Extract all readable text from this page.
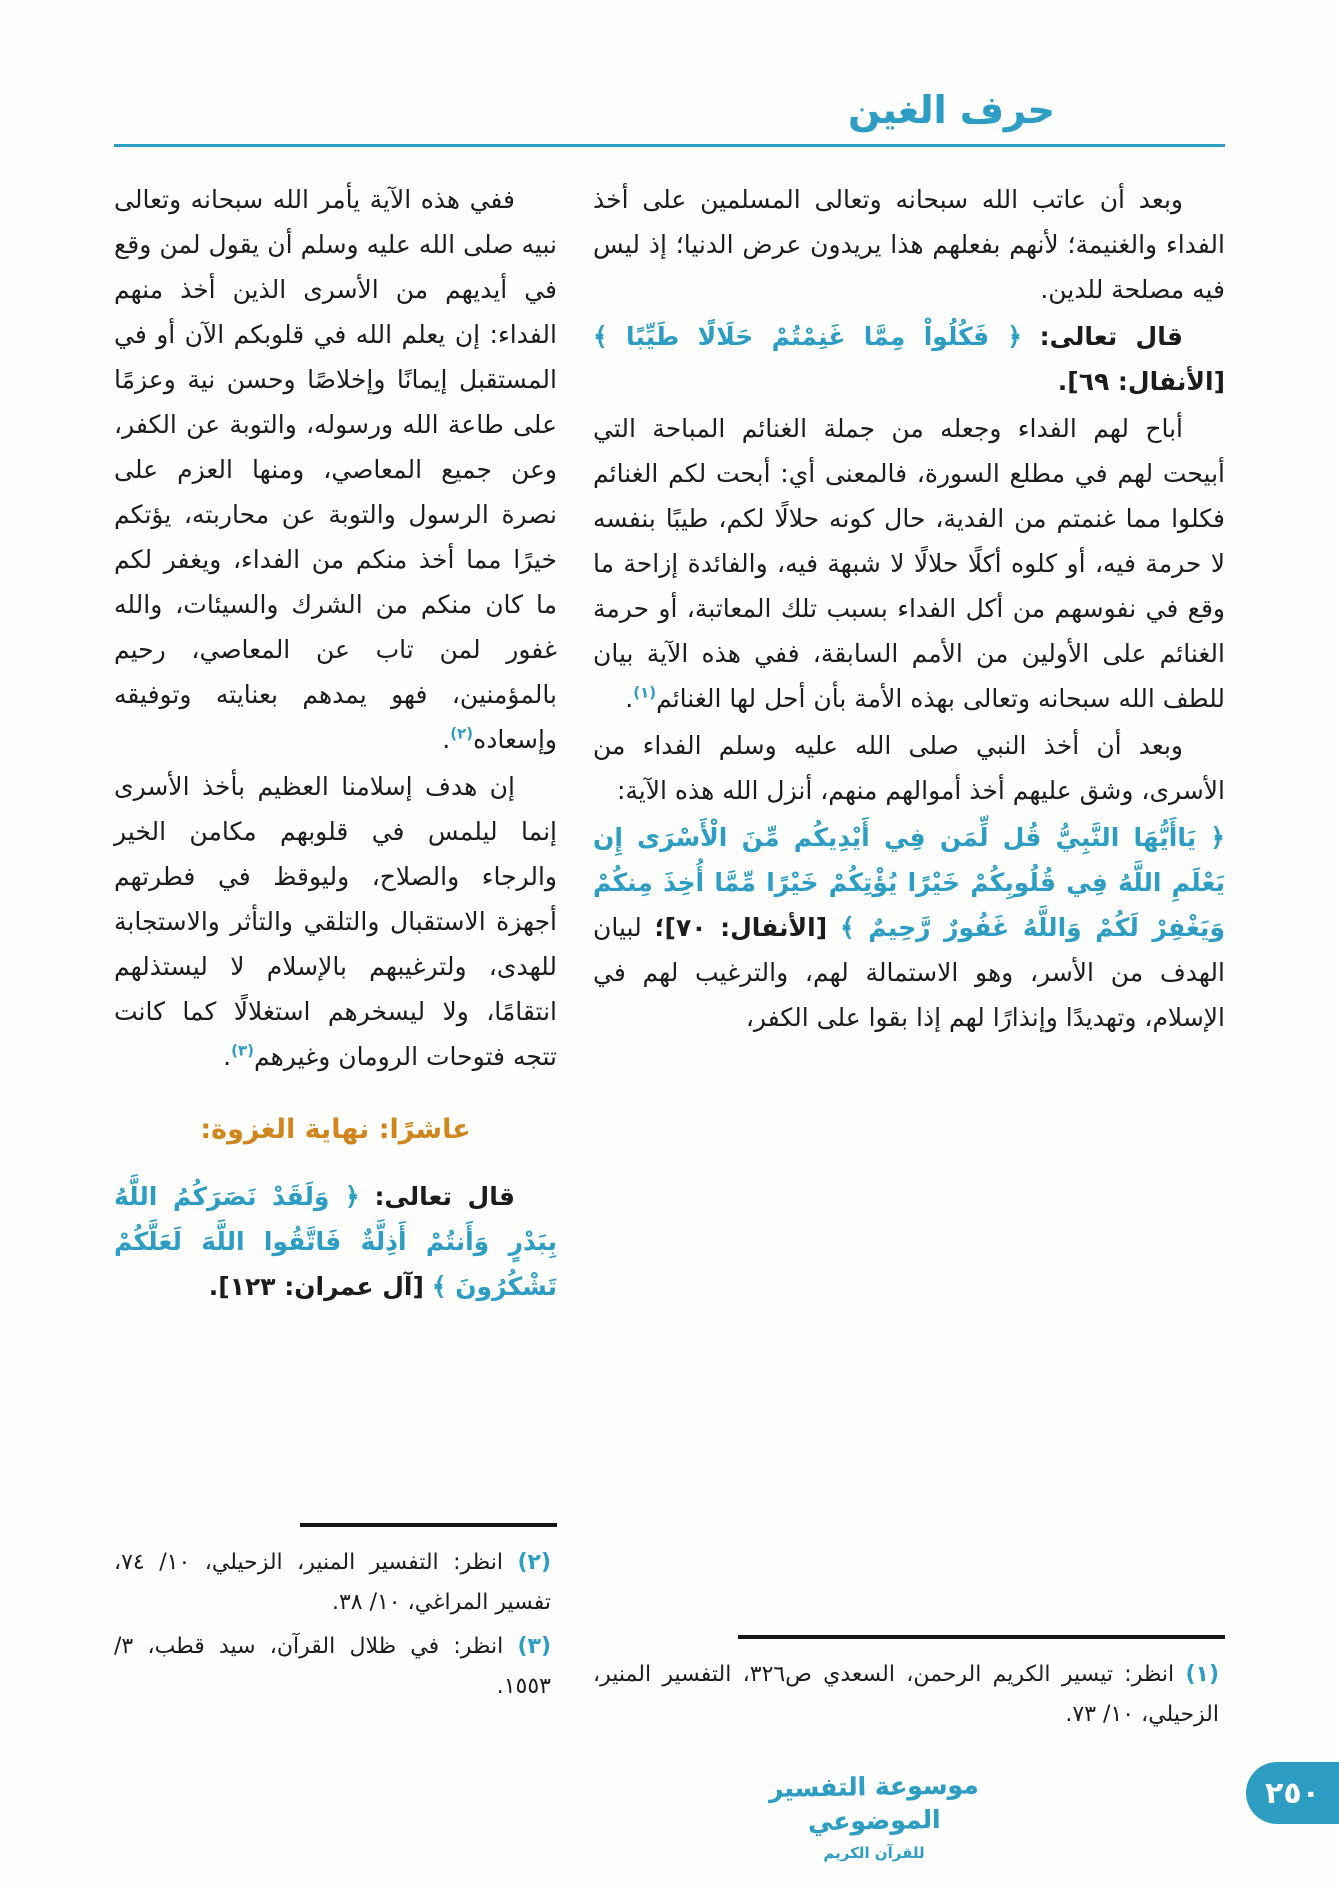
حرف الغين

وبعد أن عاتب الله سبحانه وتعالى المسلمين على أخذ الفداء والغنيمة؛ لأنهم بفعلهم هذا يريدون عرض الدنيا؛ إذ ليس فيه مصلحة للدين.

قال تعالى: ﴿ فَكُلُواْ مِمَّا غَنِمْتُمْ حَلَالًا طَيِّبًا ﴾ [الأنفال: ٦٩].

أباح لهم الفداء وجعله من جملة الغنائم المباحة التي أبيحت لهم في مطلع السورة، فالمعنى أي: أبحت لكم الغنائم فكلوا مما غنمتم من الفدية، حال كونه حلالًا لكم، طيبًا بنفسه لا حرمة فيه، أو كلوه أكلًا حلالًا لا شبهة فيه، والفائدة إزاحة ما وقع في نفوسهم من أكل الفداء بسبب تلك المعاتبة، أو حرمة الغنائم على الأولين من الأمم السابقة، ففي هذه الآية بيان للطف الله سبحانه وتعالى بهذه الأمة بأن أحل لها الغنائم$^{(١)}$.

وبعد أن أخذ النبي صلى الله عليه وسلم الفداء من الأسرى، وشق عليهم أخذ أموالهم منهم، أنزل الله هذه الآية:

﴿ يَاأَيُّهَا النَّبِيُّ قُل لِّمَن فِي أَيْدِيكُم مِّنَ الْأَسْرَى إِن يَعْلَمِ اللَّهُ فِي قُلُوبِكُمْ خَيْرًا يُؤْتِكُمْ خَيْرًا مِّمَّا أُخِذَ مِنكُمْ وَيَغْفِرْ لَكُمْ وَاللَّهُ غَفُورٌ رَّحِيمٌ ﴾ [الأنفال: ٧٠]؛ لبيان الهدف من الأسر، وهو الاستمالة لهم، والترغيب لهم في الإسلام، وتهديدًا وإنذارًا لهم إذا بقوا على الكفر،

(١) انظر: تيسير الكريم الرحمن، السعدي ص٣٢٦، التفسير المنير، الزحيلي، ١٠/ ٧٣.

ففي هذه الآية يأمر الله سبحانه وتعالى نبيه صلى الله عليه وسلم أن يقول لمن وقع في أيديهم من الأسرى الذين أخذ منهم الفداء: إن يعلم الله في قلوبكم الآن أو في المستقبل إيمانًا وإخلاصًا وحسن نية وعزمًا على طاعة الله ورسوله، والتوبة عن الكفر، وعن جميع المعاصي، ومنها العزم على نصرة الرسول والتوبة عن محاربته، يؤتكم خيرًا مما أخذ منكم من الفداء، ويغفر لكم ما كان منكم من الشرك والسيئات، والله غفور لمن تاب عن المعاصي، رحيم بالمؤمنين، فهو يمدهم بعنايته وتوفيقه وإسعاده$^{(٢)}$.

إن هدف إسلامنا العظيم بأخذ الأسرى إنما ليلمس في قلوبهم مكامن الخير والرجاء والصلاح، وليوقظ في فطرتهم أجهزة الاستقبال والتلقي والتأثر والاستجابة للهدى، ولترغيبهم بالإسلام لا ليستذلهم انتقامًا، ولا ليسخرهم استغلالًا كما كانت تتجه فتوحات الرومان وغيرهم$^{(٣)}$.

عاشرًا: نهاية الغزوة:

قال تعالى: ﴿ وَلَقَدْ نَصَرَكُمُ اللَّهُ بِبَدْرٍ وَأَنتُمْ أَذِلَّةٌ فَاتَّقُوا اللَّهَ لَعَلَّكُمْ تَشْكُرُونَ ﴾ [آل عمران: ١٢٣].

(٢) انظر: التفسير المنير، الزحيلي، ١٠/ ٧٤، تفسير المراغي، ١٠/ ٣٨.

(٣) انظر: في ظلال القرآن، سيد قطب، ٣/ ١٥٥٣.

موسوعة التفسير الموضوعي
للقرآن الكريم
٢٥٠
